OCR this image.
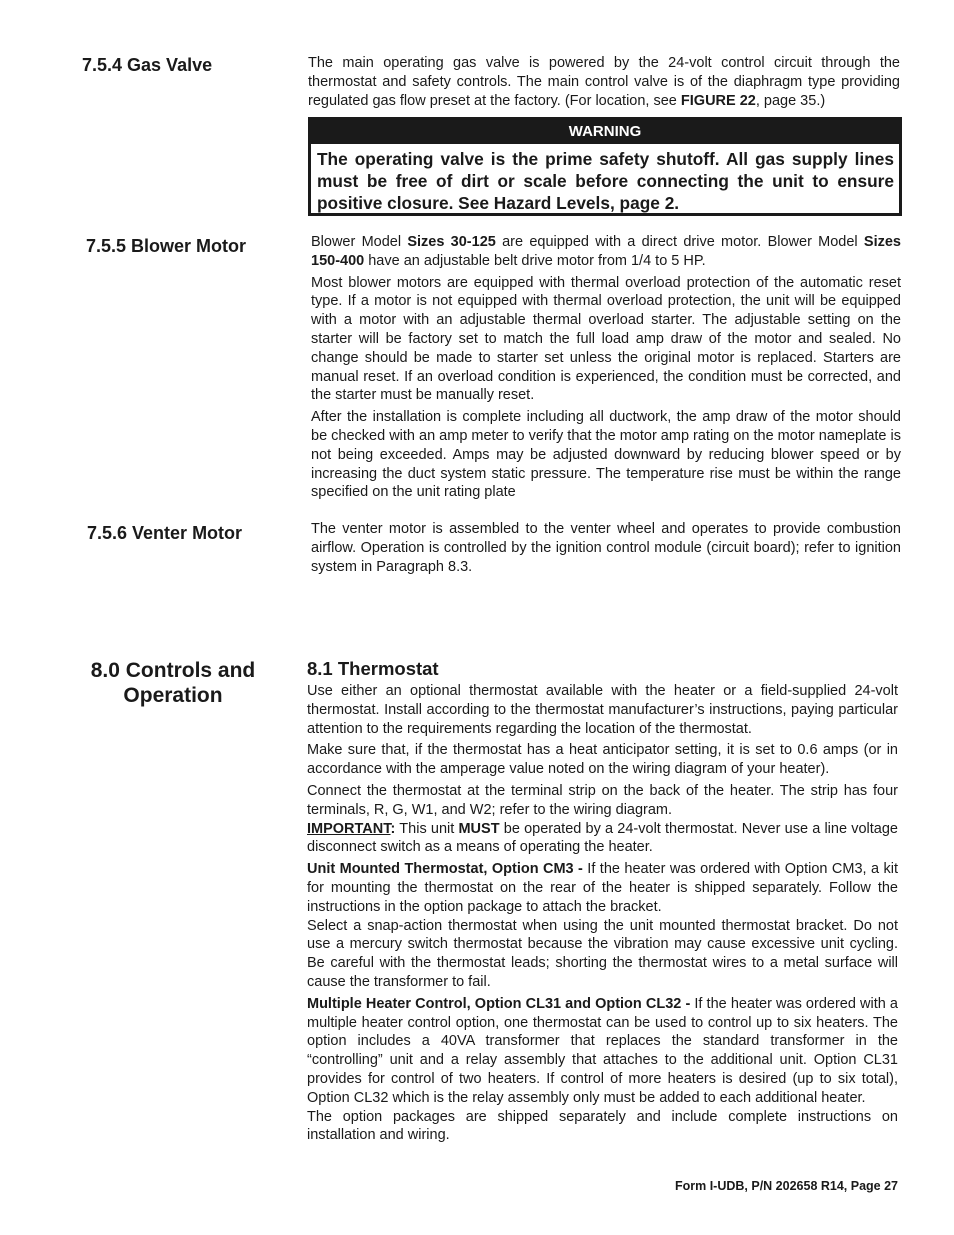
7.5.4 Gas Valve	The main operating gas valve is powered by the 24-volt control circuit through the thermostat and safety controls. The main control valve is of the diaphragm type providing regulated gas flow preset at the factory. (For location, see FIGURE 22, page 35.)

WARNING

The operating valve is the prime safety shutoff. All gas supply lines must be free of dirt or scale before connecting the unit to ensure positive closure. See Hazard Levels, page 2.

7.5.5 Blower Motor	Blower Model Sizes 30-125 are equipped with a direct drive motor. Blower Model Sizes 150-400 have an adjustable belt drive motor from 1/4 to 5 HP.

Most blower motors are equipped with thermal overload protection of the automatic reset type. If a motor is not equipped with thermal overload protection, the unit will be equipped with a motor with an adjustable thermal overload starter. The adjustable setting on the starter will be factory set to match the full load amp draw of the motor and sealed. No change should be made to starter set unless the original motor is replaced. Starters are manual reset. If an overload condition is experienced, the condition must be corrected, and the starter must be manually reset.

After the installation is complete including all ductwork, the amp draw of the motor should be checked with an amp meter to verify that the motor amp rating on the motor nameplate is not being exceeded. Amps may be adjusted downward by reducing blower speed or by increasing the duct system static pressure. The temperature rise must be within the range specified on the unit rating plate

7.5.6 Venter Motor	The venter motor is assembled to the venter wheel and operates to provide combustion airflow. Operation is controlled by the ignition control module (circuit board); refer to ignition system in Paragraph 8.3.

8.0 Controls and Operation
8.1 Thermostat

Use either an optional thermostat available with the heater or a field-supplied 24-volt thermostat. Install according to the thermostat manufacturer’s instructions, paying particular attention to the requirements regarding the location of the thermostat.

Make sure that, if the thermostat has a heat anticipator setting, it is set to 0.6 amps (or in accordance with the amperage value noted on the wiring diagram of your heater).

Connect the thermostat at the terminal strip on the back of the heater. The strip has four terminals, R, G, W1, and W2; refer to the wiring diagram.

IMPORTANT: This unit MUST be operated by a 24-volt thermostat. Never use a line voltage disconnect switch as a means of operating the heater.

Unit Mounted Thermostat, Option CM3 - If the heater was ordered with Option CM3, a kit for mounting the thermostat on the rear of the heater is shipped separately. Follow the instructions in the option package to attach the bracket.

Select a snap-action thermostat when using the unit mounted thermostat bracket. Do not use a mercury switch thermostat because the vibration may cause excessive unit cycling. Be careful with the thermostat leads; shorting the thermostat wires to a metal surface will cause the transformer to fail.

Multiple Heater Control, Option CL31 and Option CL32 - If the heater was ordered with a multiple heater control option, one thermostat can be used to control up to six heaters. The option includes a 40VA transformer that replaces the standard transformer in the “controlling” unit and a relay assembly that attaches to the additional unit. Option CL31 provides for control of two heaters. If control of more heaters is desired (up to six total), Option CL32 which is the relay assembly only must be added to each additional heater.

The option packages are shipped separately and include complete instructions on installation and wiring.

Form I-UDB, P/N 202658 R14, Page 27
